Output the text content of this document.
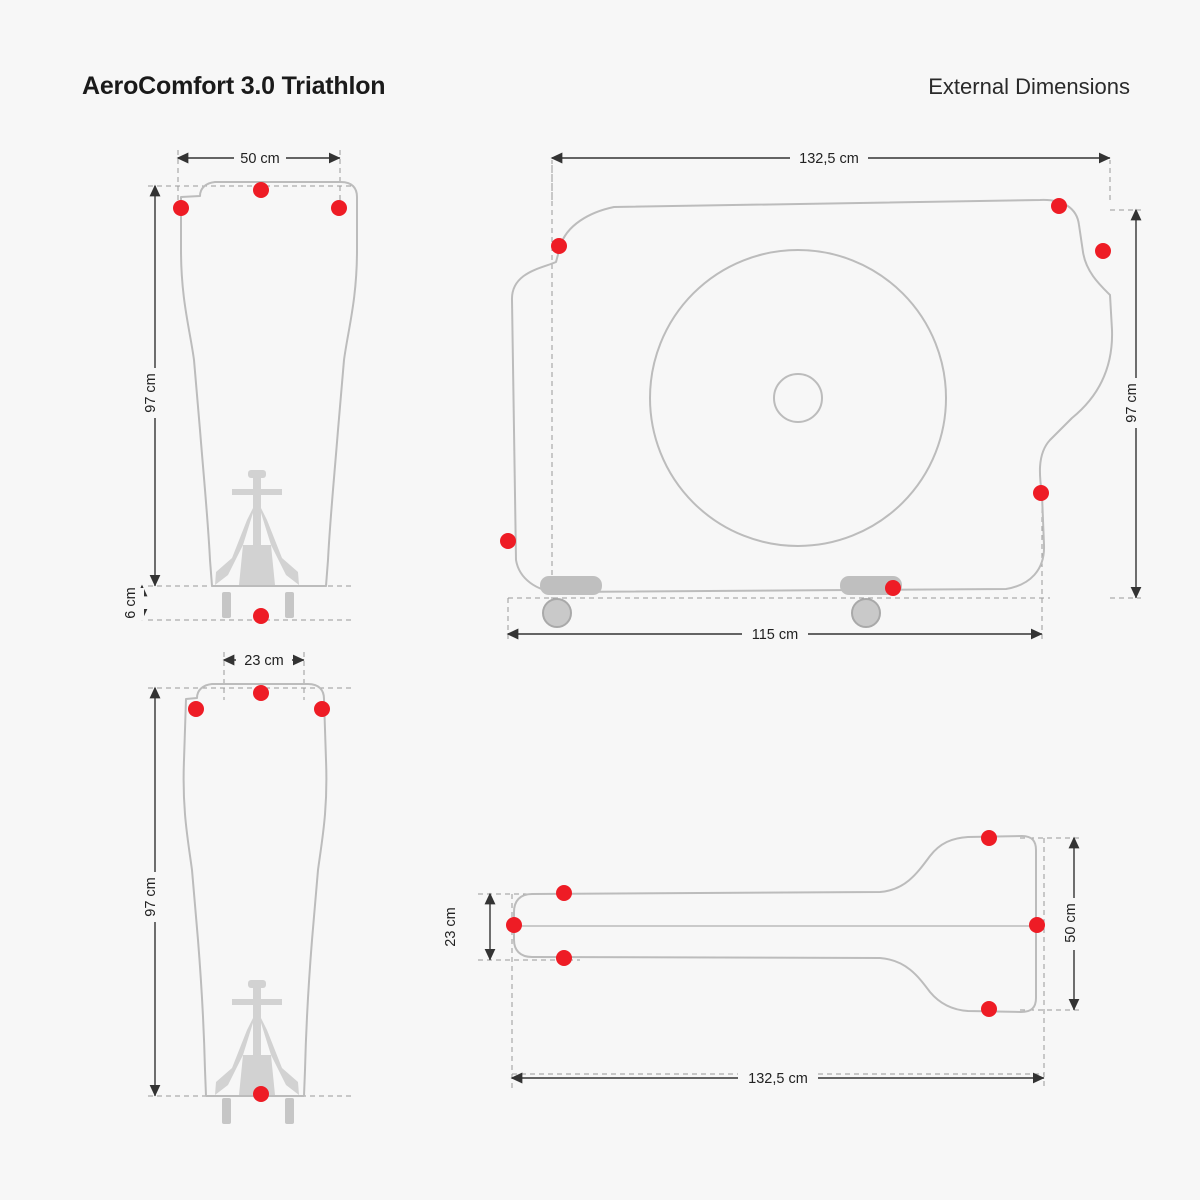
AeroComfort 3.0 Triathlon	External Dimensions
50 cm
97 cm
6 cm
132,5 cm
97 cm
115 cm
23 cm
97 cm
23 cm	50 cm
132,5 cm
